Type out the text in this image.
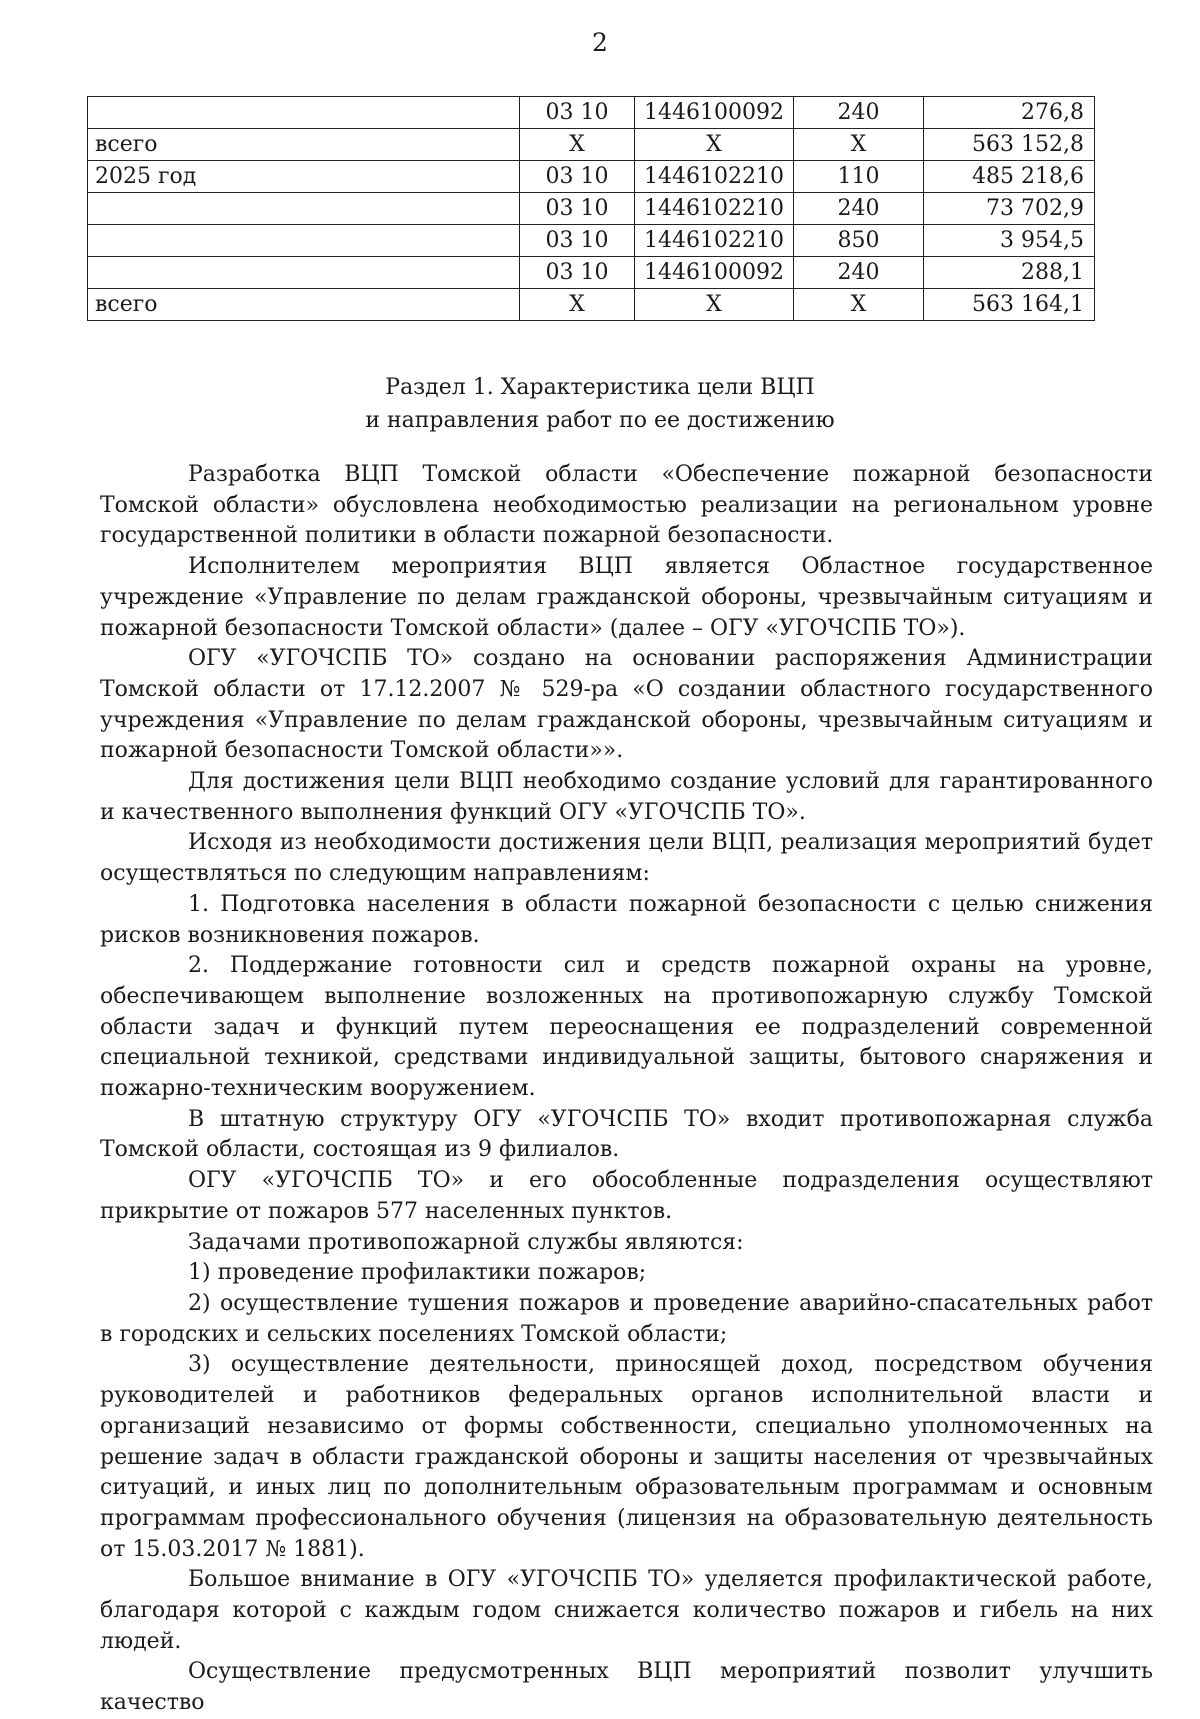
2
	03 10	1446100092	240	276,8
всего	X	X	X	563 152,8
2025 год	03 10	1446102210	110	485 218,6
	03 10	1446102210	240	73 702,9
	03 10	1446102210	850	3 954,5
	03 10	1446100092	240	288,1
всего	X	X	X	563 164,1
Раздел 1. Характеристика цели ВЦП
и направления работ по ее достижению

Разработка ВЦП Томской области «Обеспечение пожарной безопасности Томской области» обусловлена необходимостью реализации на региональном уровне государственной политики в области пожарной безопасности.

Исполнителем мероприятия ВЦП является Областное государственное учреждение «Управление по делам гражданской обороны, чрезвычайным ситуациям и пожарной безопасности Томской области» (далее – ОГУ «УГОЧСПБ ТО»).

ОГУ «УГОЧСПБ ТО» создано на основании распоряжения Администрации Томской области от 17.12.2007 № 529-ра «О создании областного государственного учреждения «Управление по делам гражданской обороны, чрезвычайным ситуациям и пожарной безопасности Томской области»».

Для достижения цели ВЦП необходимо создание условий для гарантированного и качественного выполнения функций ОГУ «УГОЧСПБ ТО».

Исходя из необходимости достижения цели ВЦП, реализация мероприятий будет осуществляться по следующим направлениям:

1. Подготовка населения в области пожарной безопасности с целью снижения рисков возникновения пожаров.

2. Поддержание готовности сил и средств пожарной охраны на уровне, обеспечивающем выполнение возложенных на противопожарную службу Томской области задач и функций путем переоснащения ее подразделений современной специальной техникой, средствами индивидуальной защиты, бытового снаряжения и пожарно-техническим вооружением.

В штатную структуру ОГУ «УГОЧСПБ ТО» входит противопожарная служба Томской области, состоящая из 9 филиалов.

ОГУ «УГОЧСПБ ТО» и его обособленные подразделения осуществляют прикрытие от пожаров 577 населенных пунктов.

Задачами противопожарной службы являются:

1) проведение профилактики пожаров;

2) осуществление тушения пожаров и проведение аварийно-спасательных работ в городских и сельских поселениях Томской области;

3) осуществление деятельности, приносящей доход, посредством обучения руководителей и работников федеральных органов исполнительной власти и организаций независимо от формы собственности, специально уполномоченных на решение задач в области гражданской обороны и защиты населения от чрезвычайных ситуаций, и иных лиц по дополнительным образовательным программам и основным программам профессионального обучения (лицензия на образовательную деятельность от 15.03.2017 № 1881).

Большое внимание в ОГУ «УГОЧСПБ ТО» уделяется профилактической работе, благодаря которой с каждым годом снижается количество пожаров и гибель на них людей.

Осуществление предусмотренных ВЦП мероприятий позволит улучшить качество
